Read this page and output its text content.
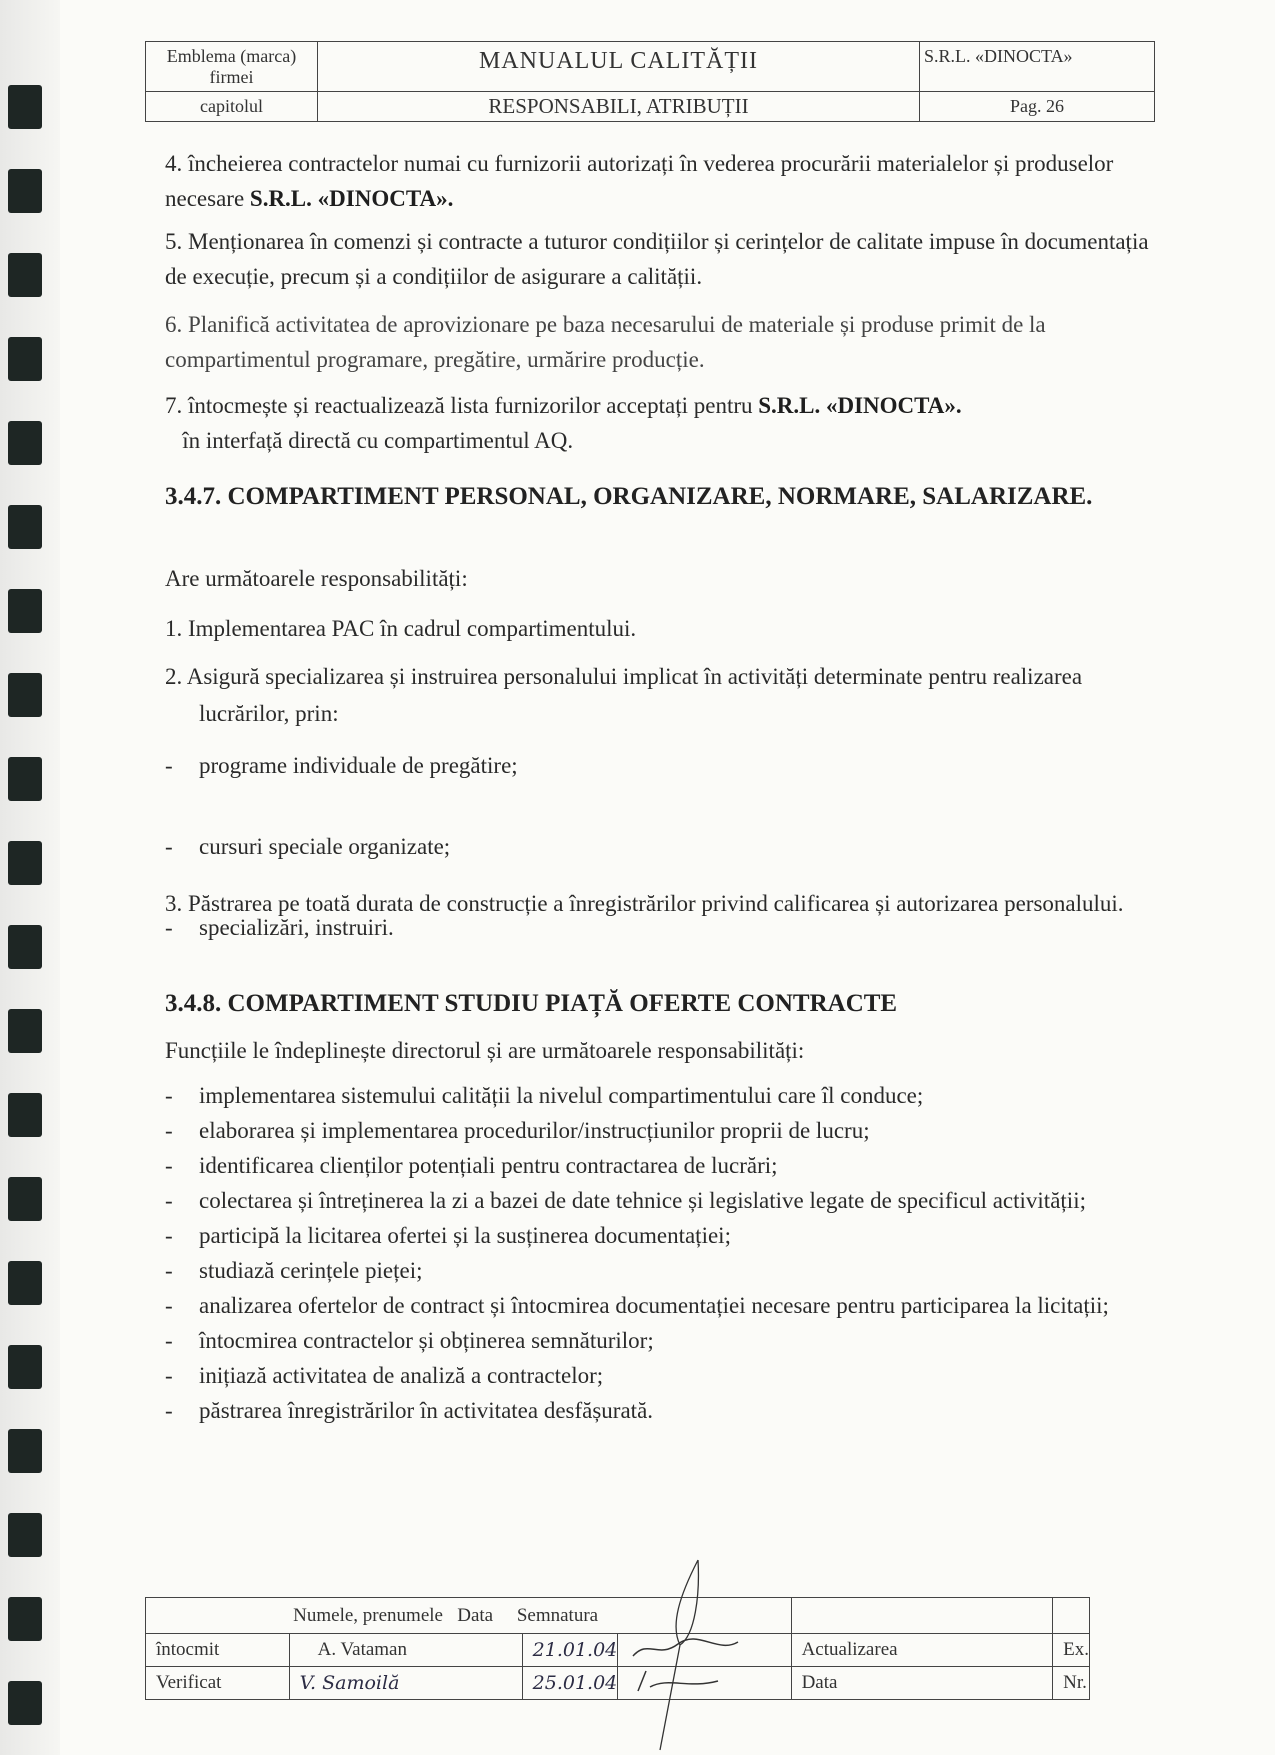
Emblema (marca) firmei	MANUALUL CALITĂȚII	S.R.L. «DINOCTA»
capitolul	RESPONSABILI, ATRIBUȚII	Pag. 26
4. încheierea contractelor numai cu furnizorii autorizați în vederea procurării materialelor și produselor necesare S.R.L. «DINOCTA».
5. Menționarea în comenzi și contracte a tuturor condițiilor și cerințelor de calitate impuse în documentația de execuție, precum și a condițiilor de asigurare a calității.
6. Planifică activitatea de aprovizionare pe baza necesarului de materiale și produse primit de la compartimentul programare, pregătire, urmărire producție.
7. întocmește și reactualizează lista furnizorilor acceptați pentru S.R.L. «DINOCTA».   în interfață directă cu compartimentul AQ.
3.4.7. COMPARTIMENT PERSONAL, ORGANIZARE, NORMARE, SALARIZARE.
Are următoarele responsabilități:
1. Implementarea PAC în cadrul compartimentului.
2. Asigură specializarea și instruirea personalului implicat în activități determinate pentru realizarea lucrărilor, prin:
- programe individuale de pregătire;
- cursuri speciale organizate;
- specializări, instruiri.
3. Păstrarea pe toată durata de construcție a înregistrărilor privind calificarea și autorizarea personalului.
3.4.8. COMPARTIMENT STUDIU PIAȚĂ OFERTE CONTRACTE
Funcțiile le îndeplinește directorul și are următoarele responsabilități:
- implementarea sistemului calității la nivelul compartimentului care îl conduce;
- elaborarea și implementarea procedurilor/instrucțiunilor proprii de lucru;
- identificarea clienților potențiali pentru contractarea de lucrări;
- colectarea și întreținerea la zi a bazei de date tehnice și legislative legate de specificul activității;
- participă la licitarea ofertei și la susținerea documentației;
- studiază cerințele pieței;
- analizarea ofertelor de contract și întocmirea documentației necesare pentru participarea la licitații;
- întocmirea contractelor și obținerea semnăturilor;
- inițiază activitatea de analiză a contractelor;
- păstrarea înregistrărilor în activitatea desfășurată.
	Numele, prenumele   Data     Semnatura				
întocmit	A. Vataman	21.01.04		Actualizarea	Ex.
Verificat	V. Samoilă	25.01.04		Data	Nr.
